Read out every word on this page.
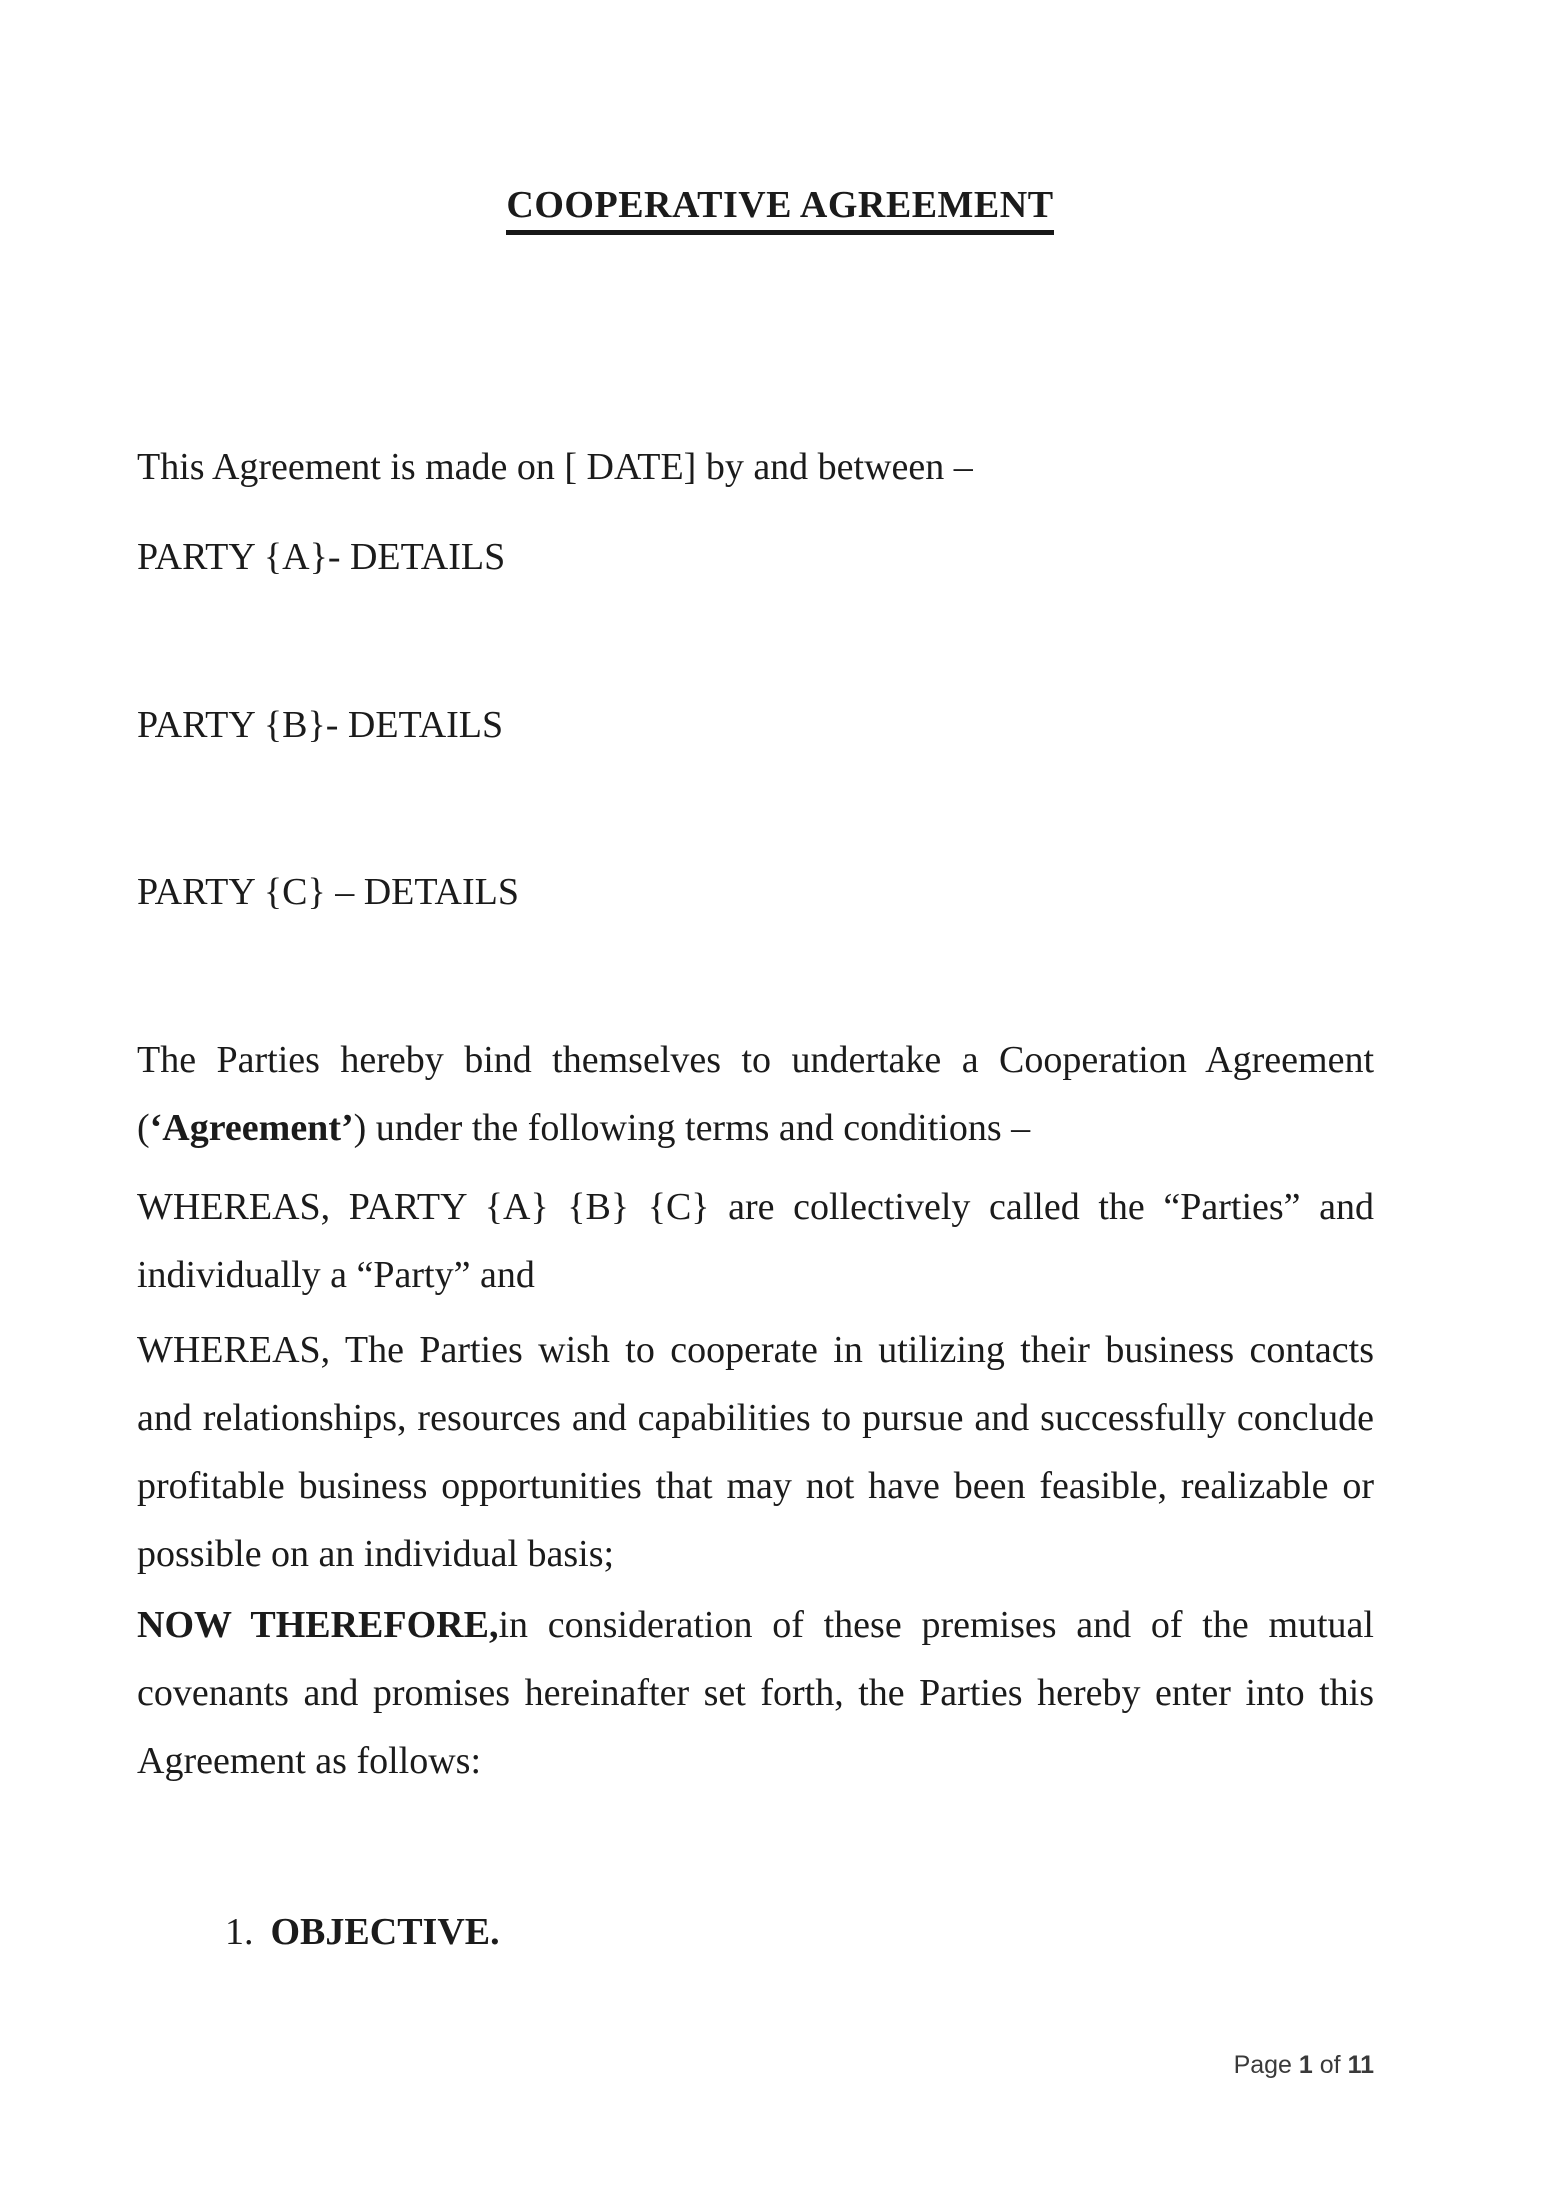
COOPERATIVE AGREEMENT

This Agreement is made on [ DATE] by and between –

PARTY {A}- DETAILS

PARTY {B}- DETAILS

PARTY {C} – DETAILS

The Parties hereby bind themselves to undertake a Cooperation Agreement (‘Agreement’) under the following terms and conditions –

WHEREAS, PARTY {A} {B} {C} are collectively called the “Parties” and individually a “Party” and

WHEREAS, The Parties wish to cooperate in utilizing their business contacts and relationships, resources and capabilities to pursue and successfully conclude profitable business opportunities that may not have been feasible, realizable or possible on an individual basis;

NOW THEREFORE,in consideration of these premises and of the mutual covenants and promises hereinafter set forth, the Parties hereby enter into this Agreement as follows:

1. OBJECTIVE.

Page 1 of 11
